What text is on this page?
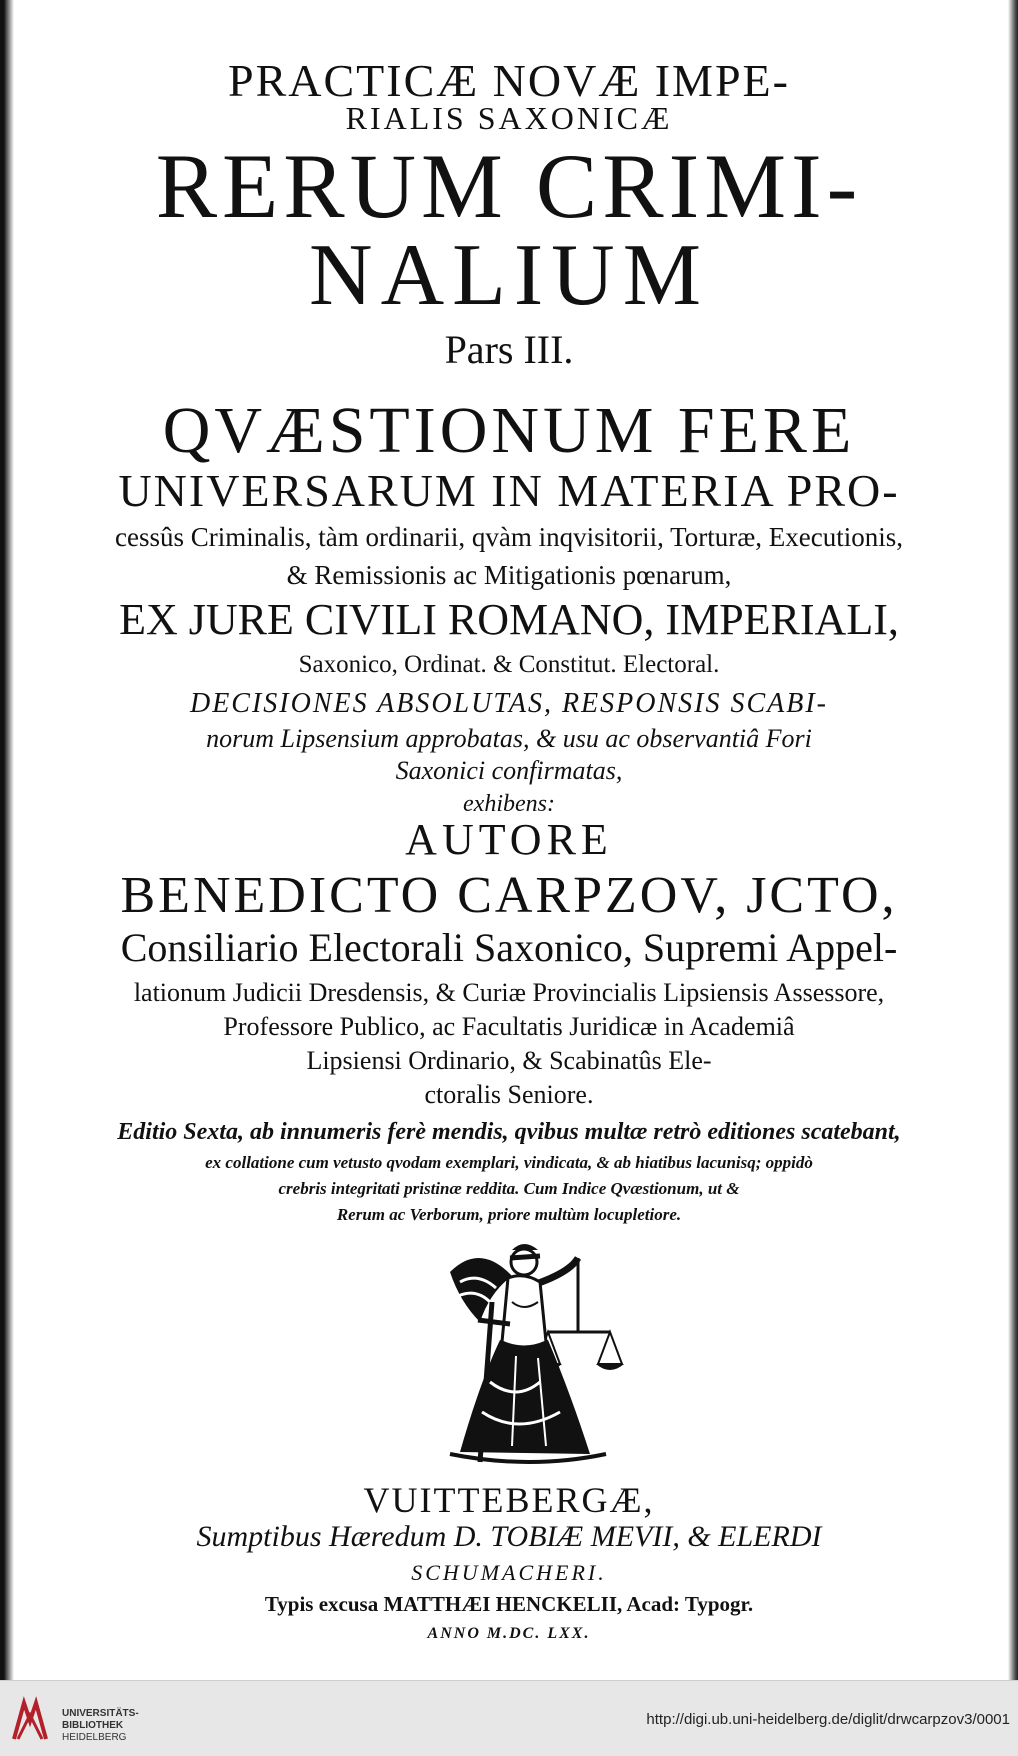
PRACTICÆ NOVÆ IMPE-
RIALIS SAXONICÆ
RERUM CRIMI-
NALIUM
Pars III.
QVÆSTIONUM FERE
UNIVERSARUM IN MATERIA PRO-
cessûs Criminalis, tàm ordinarii, qvàm inqvisitorii, Torturæ, Executionis,
& Remissionis ac Mitigationis pœnarum,
EX JURE CIVILI ROMANO, IMPERIALI,
Saxonico, Ordinat. & Constitut. Electoral.
DECISIONES ABSOLUTAS, RESPONSIS SCABI-
norum Lipsensium approbatas, & usu ac observantiâ Fori
Saxonici confirmatas,
exhibens:
AUTORE
BENEDICTO CARPZOV, JCTO,
Consiliario Electorali Saxonico, Supremi Appel-
lationum Judicii Dresdensis, & Curiæ Provincialis Lipsiensis Assessore,
Professore Publico, ac Facultatis Juridicæ in Academiâ
Lipsiensi Ordinario, & Scabinatûs Ele-
ctoralis Seniore.
Editio Sexta, ab innumeris ferè mendis, qvibus multæ retrò editiones scatebant,
ex collatione cum vetusto qvodam exemplari, vindicata, & ab hiatibus lacunisq; oppidò
crebris integritati pristinæ reddita. Cum Indice Qvæstionum, ut &
Rerum ac Verborum, priore multùm locupletiore.
VUITTEBERGÆ,
Sumptibus Hæredum D. TOBIÆ MEVII, & ELERDI
SCHUMACHERI.
Typis excusa MATTHÆI HENCKELII, Acad: Typogr.
ANNO M.DC. LXX.
UNIVERSITÄTS-
BIBLIOTHEK
HEIDELBERG
http://digi.ub.uni-heidelberg.de/diglit/drwcarpzov3/0001
